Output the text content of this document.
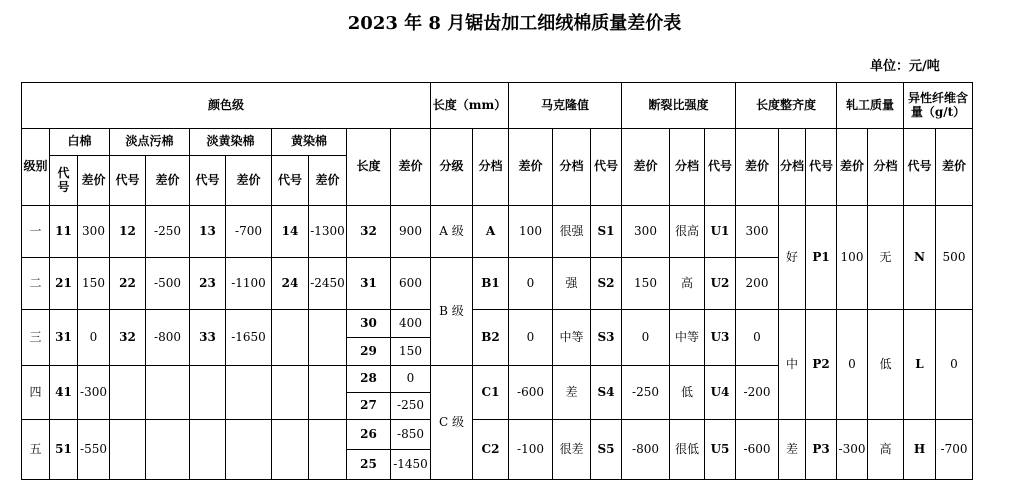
2023 年 8 月锯齿加工细绒棉质量差价表
单位：元/吨
颜色级											长度（mm）		马克隆值			断裂比强度			长度整齐度			轧工质量		异性纤维含量（g/t）	
级别	白棉		淡点污棉		淡黄染棉		黄染棉		长度	差价	分级	分档	差价	分档	代号	差价	分档	代号	差价	分档	代号	差价	分档	代号	差价
	代号	差价	代号	差价	代号	差价	代号	差价																	
一	11	300	12	-250	13	-700	14	-1300	32	900	A 级	A	100	很强	S1	300	很高	U1	300	好	P1	100	无	N	500

二	21	150	22	-500	23	-1100	24	-2450	31	600	B 级	B1	0	强	S2	150	高	U2	200						

三	31	0	32	-800	33	-1650			30	400		B2	0	中等	S3	0	中等	U3	0	中	P2	0	低	L	0
									29	150															
四	41	-300							28	0	C 级	C1	-600	差	S4	-250	低	U4	-200						
									27	-250															
五	51	-550							26	-850		C2	-100	很差	S5	-800	很低	U5	-600	差	P3	-300	高	H	-700
									25	-1450															
